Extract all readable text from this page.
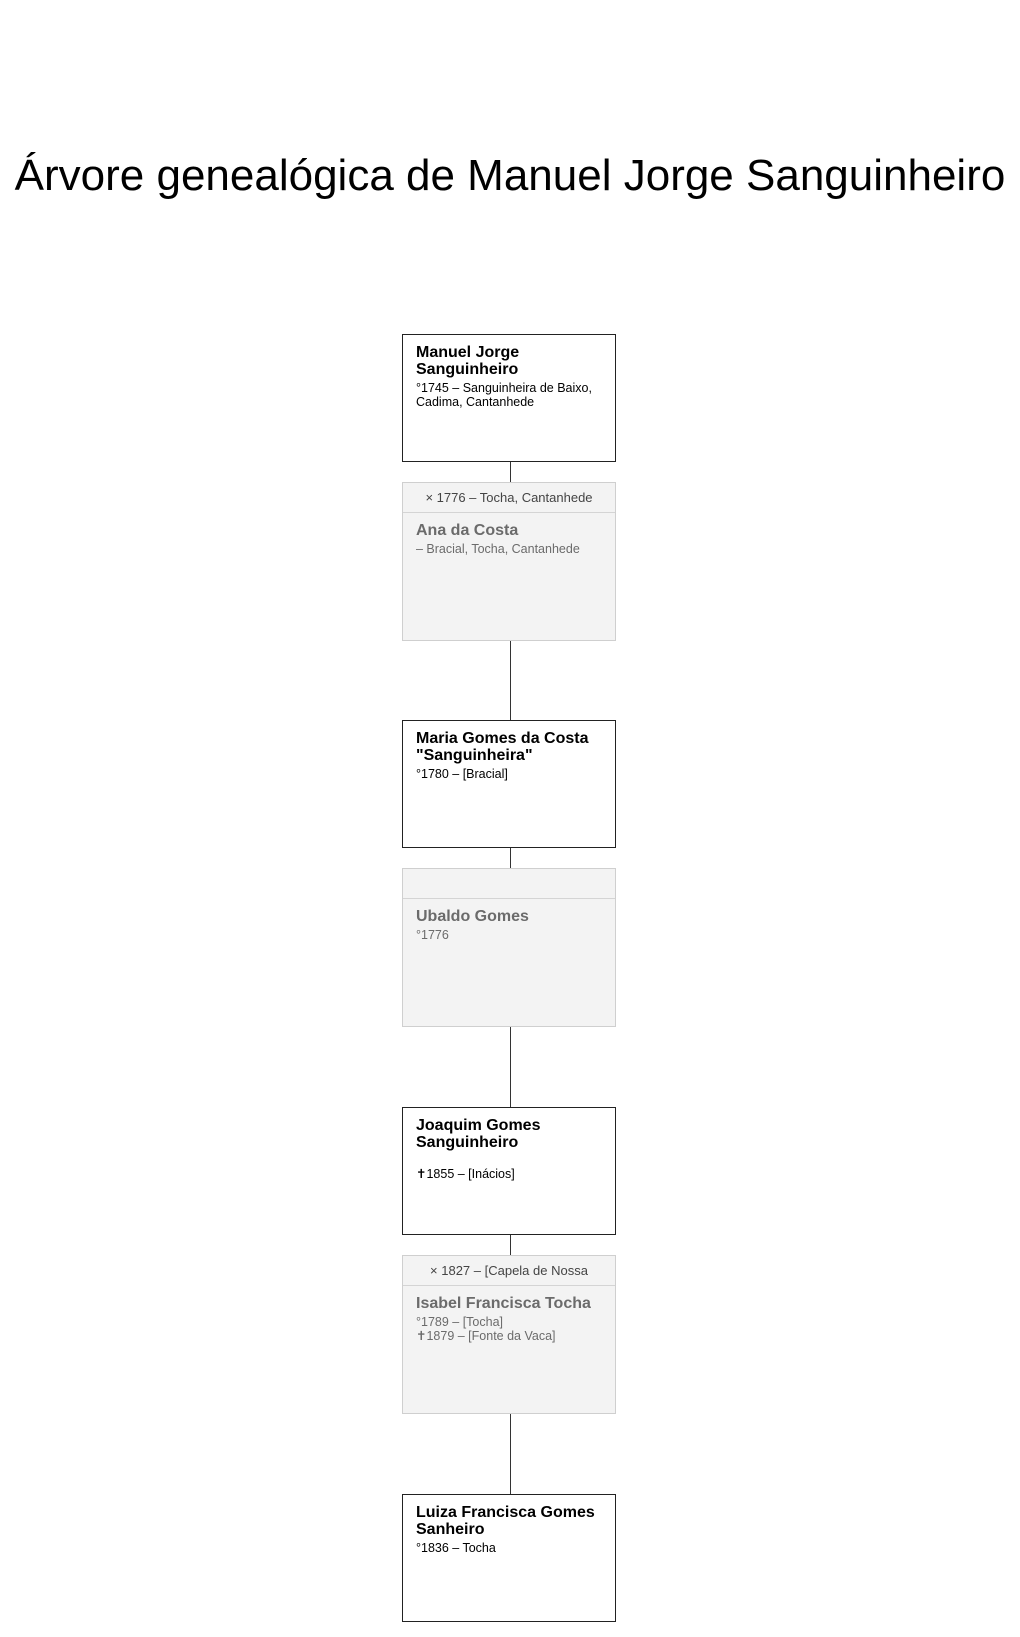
Árvore genealógica de Manuel Jorge Sanguinheiro
Manuel Jorge Sanguinheiro
°1745 – Sanguinheira de Baixo, Cadima, Cantanhede
× 1776 – Tocha, Cantanhede
Ana da Costa
– Bracial, Tocha, Cantanhede
Maria Gomes da Costa "Sanguinheira"
°1780 – [Bracial]
Ubaldo Gomes
°1776
Joaquim Gomes Sanguinheiro
✝1855 – [Inácios]
× 1827 – [Capela de Nossa
Isabel Francisca Tocha
°1789 – [Tocha]
✝1879 – [Fonte da Vaca]
Luiza Francisca Gomes Sanheiro
°1836 – Tocha
